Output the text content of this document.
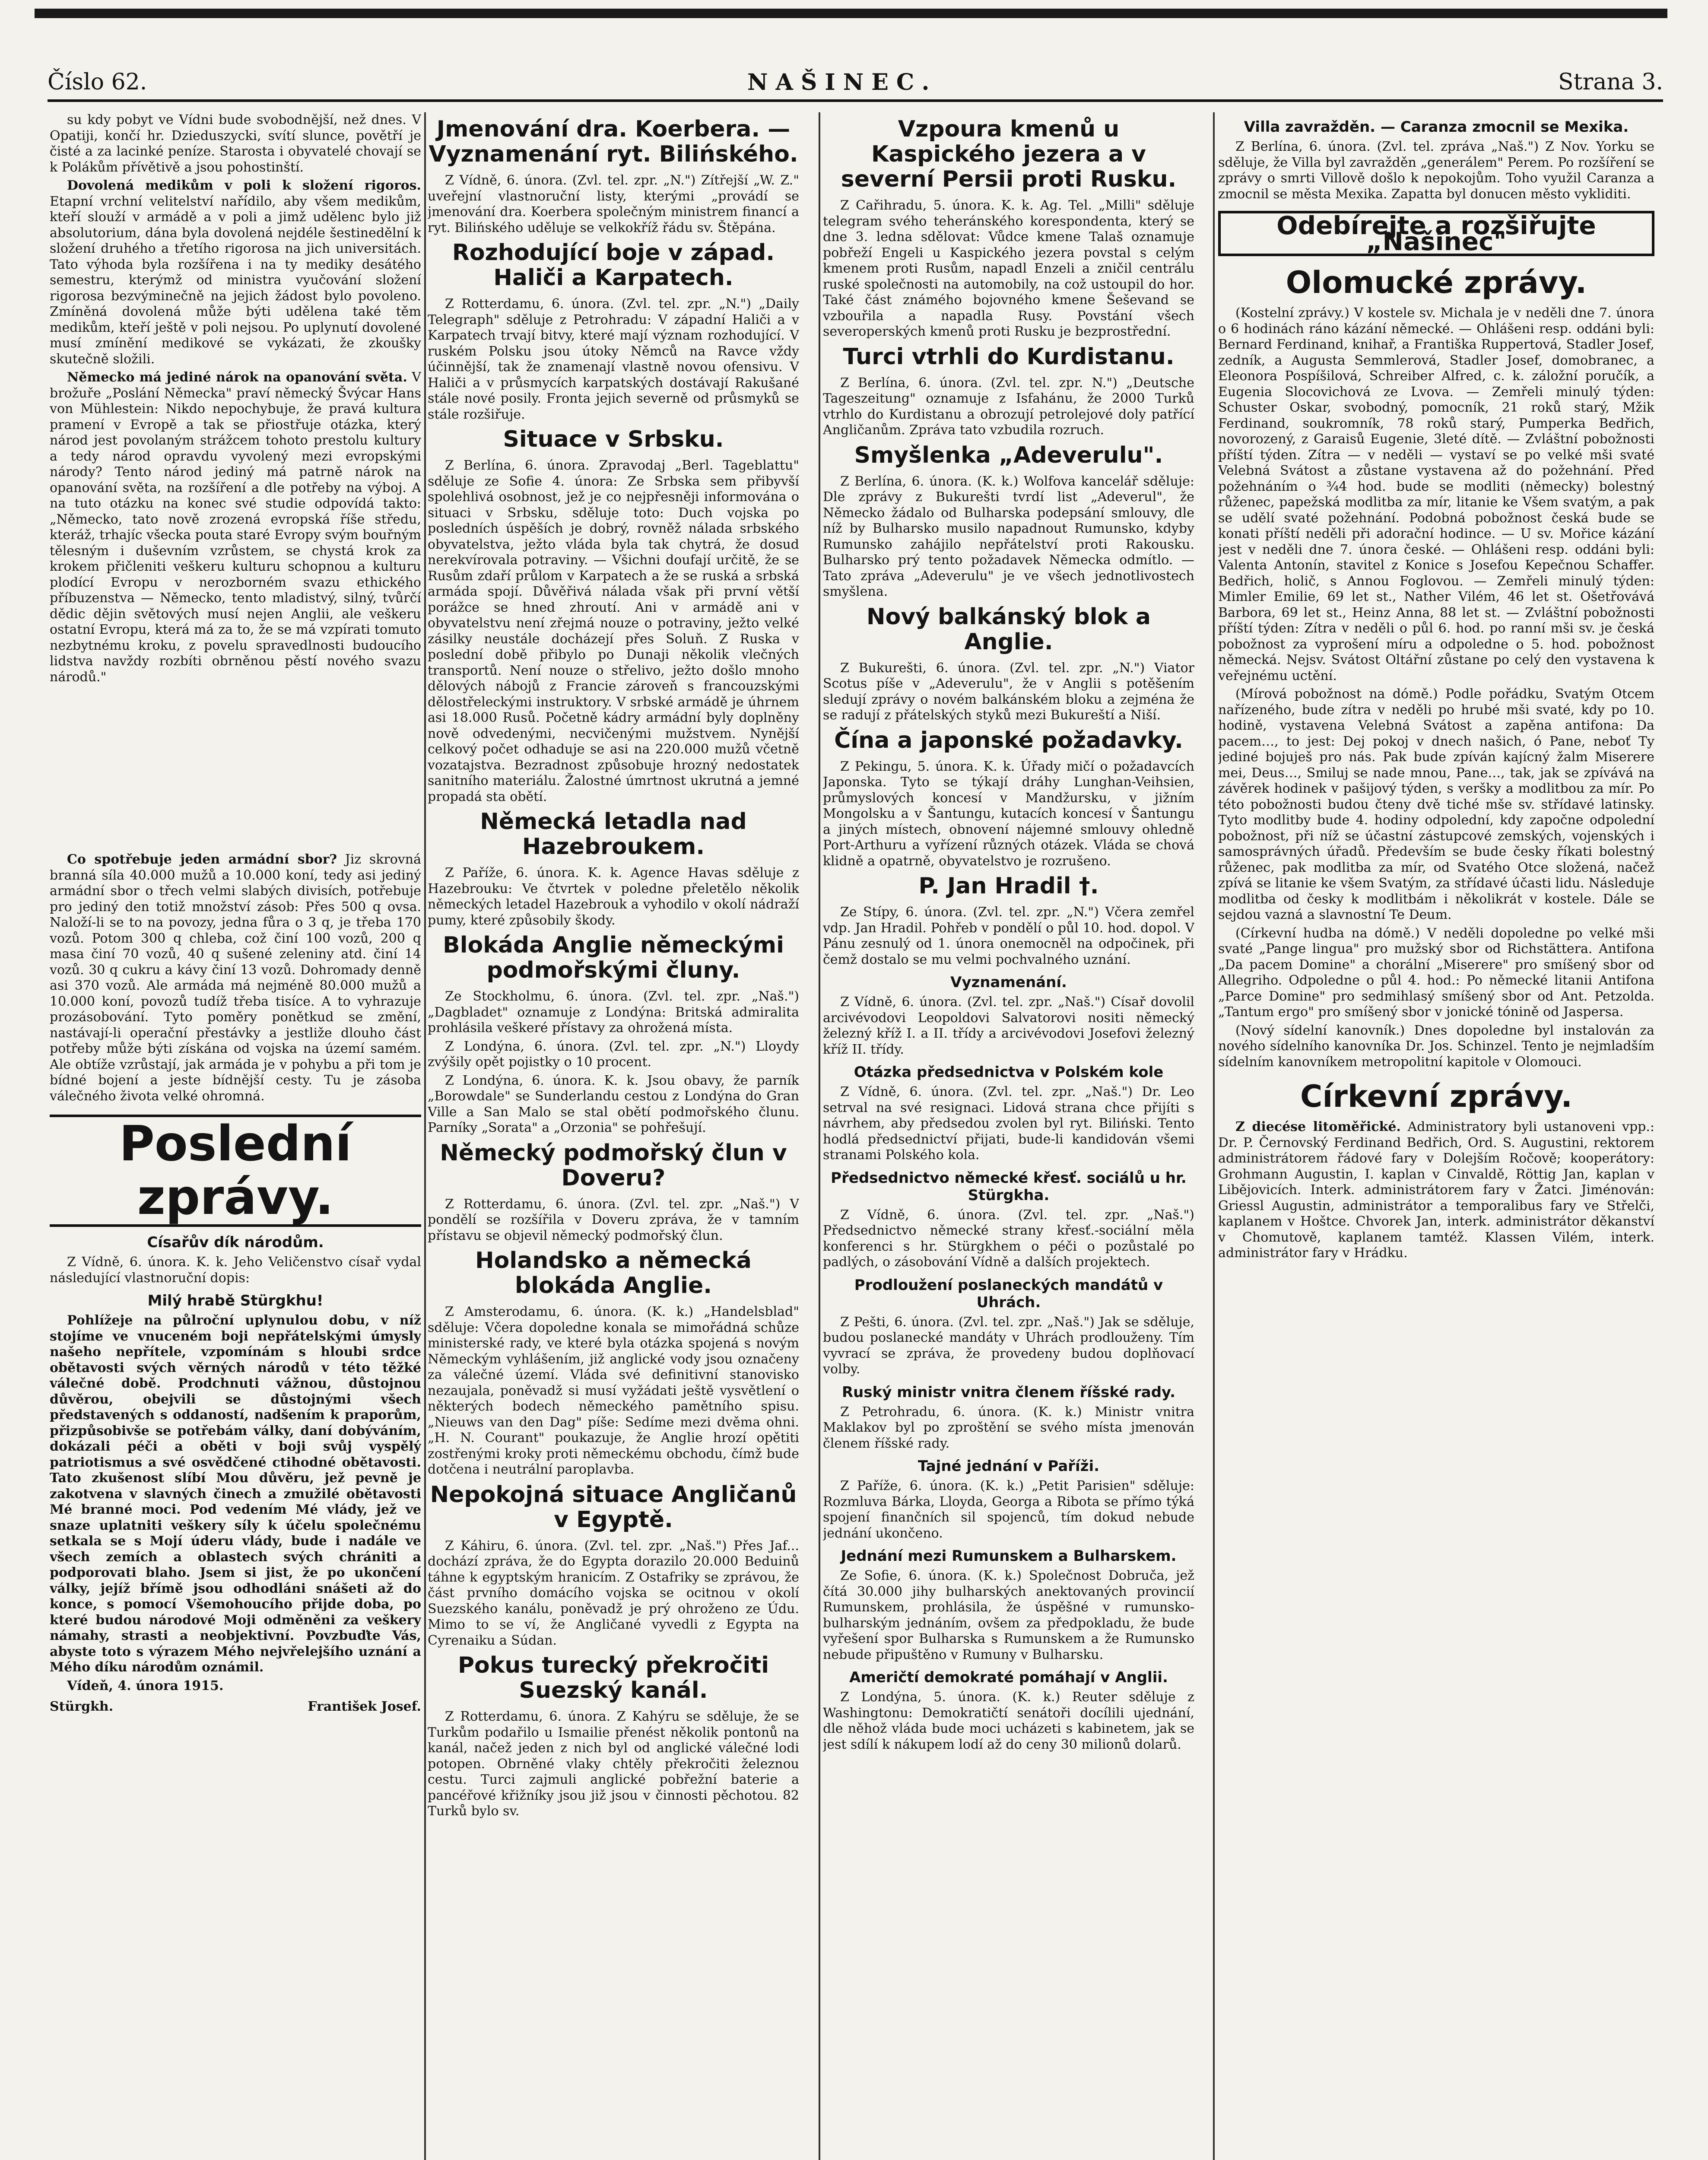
Číslo 62.	NAŠINEC.	Strana 3.

su kdy pobyt ve Vídni bude svobodnější, než dnes. V Opatiji, končí hr. Dzieduszycki, svítí slunce, povětří je čisté a za lacinké peníze. Starosta i obyvatelé chovají se k Polákům přívětivě a jsou pohostinští.

Dovolená medikům v poli k složení rigoros. Etapní vrchní velitelství nařídilo, aby všem medikům, kteří slouží v armádě a v poli a jimž udělenc bylo již absolutorium, dána byla dovolená nejdéle šestinedělní k složení druhého a třetího rigorosa na jich universitách. Tato výhoda byla rozšířena i na ty mediky desátého semestru, kterýmž od ministra vyučování složení rigorosa bezvýminečně na jejich žádost bylo povoleno. Zmíněná dovolená může býti udělena také těm medikům, kteří ještě v poli nejsou. Po uplynutí dovolené musí zmínění medikové se vykázati, že zkoušky skutečně složili.

Německo má jediné nárok na opanování světa. V brožuře „Poslání Německa" praví německý Švýcar Hans von Mühlestein: Nikdo nepochybuje, že pravá kultura pramení v Evropě a tak se přiostřuje otázka, který národ jest povolaným strážcem tohoto prestolu kultury a tedy národ opravdu vyvolený mezi evropskými národy? Tento národ jediný má patrně nárok na opanování světa, na rozšíření a dle potřeby na výboj. A na tuto otázku na konec své studie odpovídá takto: „Německo, tato nově zrozená evropská říše středu, kteráž, trhajíc všecka pouta staré Evropy svým bouřným tělesným i duševním vzrůstem, se chystá krok za krokem přičleniti veškeru kulturu schopnou a kulturu plodící Evropu v nerozborném svazu ethického příbuzenstva — Německo, tento mladistvý, silný, tvůrčí dědic dějin světových musí nejen Anglii, ale veškeru ostatní Evropu, která má za to, že se má vzpírati tomuto nezbytnému kroku, z povelu spravedlnosti budoucího lidstva navždy rozbíti obrněnou pěstí nového svazu národů."

Co spotřebuje jeden armádní sbor? Jiz skrovná branná síla 40.000 mužů a 10.000 koní, tedy asi jediný armádní sbor o třech velmi slabých divisích, potřebuje pro jediný den totiž množství zásob: Přes 500 q ovsa. Naloží-li se to na povozy, jedna fůra o 3 q, je třeba 170 vozů. Potom 300 q chleba, což činí 100 vozů, 200 q masa činí 70 vozů, 40 q sušené zeleniny atd. činí 14 vozů. 30 q cukru a kávy činí 13 vozů. Dohromady denně asi 370 vozů. Ale armáda má nejméně 80.000 mužů a 10.000 koní, povozů tudíž třeba tisíce. A to vyhrazuje prozásobování. Tyto poměry ponětkud se změní, nastávají-li operační přestávky a jestliže dlouho část potřeby může býti získána od vojska na území samém. Ale obtíže vzrůstají, jak armáda je v pohybu a při tom je bídné bojení a jeste bídnější cesty. Tu je zásoba válečného života velké ohromná.

Poslední zprávy.
Císařův dík národům.

Z Vídně, 6. února. K. k. Jeho Veličenstvo císař vydal následující vlastnoruční dopis:

Milý hrabě Stürgkhu!

Pohlížeje na půlroční uplynulou dobu, v níž stojíme ve vnuceném boji nepřátelskými úmysly našeho nepřítele, vzpomínám s hloubi srdce obětavosti svých věrných národů v této těžké válečné době. Prodchnuti vážnou, důstojnou důvěrou, obejvili se důstojnými všech představených s oddaností, nadšením k praporům, přizpůsobivše se potřebám války, daní dobýváním, dokázali péči a oběti v boji svůj vyspělý patriotismus a své osvědčené ctihodné obětavosti. Tato zkušenost slíbí Mou důvěru, jež pevně je zakotvena v slavných činech a zmužilé obětavosti Mé branné moci. Pod vedením Mé vlády, jež ve snaze uplatniti veškery síly k účelu společnému setkala se s Mojí úderu vlády, bude i nadále ve všech zemích a oblastech svých chrániti a podporovati blaho. Jsem si jist, že po ukončení války, jejíž břímě jsou odhodláni snášeti až do konce, s pomocí Všemohoucího přijde doba, po které budou národové Moji odměněni za veškery námahy, strasti a neobjektivní. Povzbuďte Vás, abyste toto s výrazem Mého nejvřelejšího uznání a Mého díku národům oznámil.

Vídeň, 4. února 1915.

Stürgkh.	František Josef.
Jmenování dra. Koerbera. — Vyznamenání ryt. Bilińského.

Z Vídně, 6. února. (Zvl. tel. zpr. „N.") Zítřejší „W. Z." uveřejní vlastnoruční listy, kterými „provádí se jmenování dra. Koerbera společným ministrem financí a ryt. Bilińského uděluje se velkokříž řádu sv. Štěpána.

Rozhodující boje v západ. Haliči a Karpatech.

Z Rotterdamu, 6. února. (Zvl. tel. zpr. „N.") „Daily Telegraph" sděluje z Petrohradu: V západní Haliči a v Karpatech trvají bitvy, které mají význam rozhodující. V ruském Polsku jsou útoky Němců na Ravce vždy účinnější, tak že znamenají vlastně novou ofensivu. V Haliči a v průsmycích karpatských dostávají Rakušané stále nové posily. Fronta jejich severně od průsmyků se stále rozšiřuje.

Situace v Srbsku.

Z Berlína, 6. února. Zpravodaj „Berl. Tageblattu" sděluje ze Sofie 4. února: Ze Srbska sem přibyvší spolehlivá osobnost, jež je co nejpřesněji informována o situaci v Srbsku, sděluje toto: Duch vojska po posledních úspěších je dobrý, rovněž nálada srbského obyvatelstva, ježto vláda byla tak chytrá, že dosud nerekvírovala potraviny. — Všichni doufají určitě, že se Rusům zdaří průlom v Karpatech a že se ruská a srbská armáda spojí. Důvěřivá nálada však při první větší porážce se hned zhroutí. Ani v armádě ani v obyvatelstvu není zřejmá nouze o potraviny, ježto velké zásilky neustále docházejí přes Soluň. Z Ruska v poslední době přibylo po Dunaji několik vlečných transportů. Není nouze o střelivo, ježto došlo mnoho dělových nábojů z Francie zároveň s francouzskými dělostřeleckými instruktory. V srbské armádě je úhrnem asi 18.000 Rusů. Početně kádry armádní byly doplněny nově odvedenými, necvičenými mužstvem. Nynější celkový počet odhaduje se asi na 220.000 mužů včetně vozatajstva. Bezradnost způsobuje hrozný nedostatek sanitního materiálu. Žalostné úmrtnost ukrutná a jemné propadá sta obětí.

Německá letadla nad Hazebroukem.

Z Paříže, 6. února. K. k. Agence Havas sděluje z Hazebrouku: Ve čtvrtek v poledne přeletělo několik německých letadel Hazebrouk a vyhodilo v okolí nádraží pumy, které způsobily škody.

Blokáda Anglie německými podmořskými čluny.

Ze Stockholmu, 6. února. (Zvl. tel. zpr. „Naš.") „Dagbladet" oznamuje z Londýna: Britská admiralita prohlásila veškeré přístavy za ohrožená místa.

Z Londýna, 6. února. (Zvl. tel. zpr. „N.") Lloydy zvýšily opět pojistky o 10 procent.

Z Londýna, 6. února. K. k. Jsou obavy, že parník „Borowdale" se Sunderlandu cestou z Londýna do Gran Ville a San Malo se stal obětí podmořského člunu. Parníky „Sorata" a „Orzonia" se pohřešují.

Německý podmořský člun v Doveru?

Z Rotterdamu, 6. února. (Zvl. tel. zpr. „Naš.") V pondělí se rozšířila v Doveru zpráva, že v tamním přístavu se objevil německý podmořský člun.

Holandsko a německá blokáda Anglie.

Z Amsterodamu, 6. února. (K. k.) „Handelsblad" sděluje: Včera dopoledne konala se mimořádná schůze ministerské rady, ve které byla otázka spojená s novým Německým vyhlášením, již anglické vody jsou označeny za válečné území. Vláda své definitivní stanovisko nezaujala, poněvadž si musí vyžádati ještě vysvětlení o některých bodech německého pamětního spisu. „Nieuws van den Dag" píše: Sedíme mezi dvěma ohni. „H. N. Courant" poukazuje, že Anglie hrozí opětiti zostřenými kroky proti německému obchodu, čímž bude dotčena i neutrální paroplavba.

Nepokojná situace Angličanů v Egyptě.

Z Káhiru, 6. února. (Zvl. tel. zpr. „Naš.") Přes Jaf... dochází zpráva, že do Egypta dorazilo 20.000 Beduinů táhne k egyptským hranicím. Z Ostafriky se zprávou, že část prvního domácího vojska se ocitnou v okolí Suezského kanálu, poněvadž je prý ohroženo ze Údu. Mimo to se ví, že Angličané vyvedli z Egypta na Cyrenaiku a Súdan.

Pokus turecký překročiti Suezský kanál.

Z Rotterdamu, 6. února. Z Kahýru se sděluje, že se Turkům podařilo u Ismailie přenést několik pontonů na kanál, načež jeden z nich byl od anglické válečné lodi potopen. Obrněné vlaky chtěly překročiti železnou cestu. Turci zajmuli anglické pobřežní baterie a pancéřové křižníky jsou již jsou v činnosti pěchotou. 82 Turků bylo sv.

Vzpoura kmenů u Kaspického jezera a v severní Persii proti Rusku.

Z Cařihradu, 5. února. K. k. Ag. Tel. „Milli" sděluje telegram svého teheránského korespondenta, který se dne 3. ledna sdělovat: Vůdce kmene Talaš oznamuje pobřeží Engeli u Kaspického jezera povstal s celým kmenem proti Rusům, napadl Enzeli a zničil centrálu ruské společnosti na automobily, na což ustoupil do hor. Také část známého bojovného kmene Šeševand se vzbouřila a napadla Rusy. Povstání všech severoperských kmenů proti Rusku je bezprostřední.

Turci vtrhli do Kurdistanu.

Z Berlína, 6. února. (Zvl. tel. zpr. N.") „Deutsche Tageszeitung" oznamuje z Isfahánu, že 2000 Turků vtrhlo do Kurdistanu a obrozují petrolejové doly patřící Angličanům. Zpráva tato vzbudila rozruch.

Smyšlenka „Adeverulu".

Z Berlína, 6. února. (K. k.) Wolfova kancelář sděluje: Dle zprávy z Bukurešti tvrdí list „Adeverul", že Německo žádalo od Bulharska podepsání smlouvy, dle níž by Bulharsko musilo napadnout Rumunsko, kdyby Rumunsko zahájilo nepřátelství proti Rakousku. Bulharsko prý tento požadavek Německa odmítlo. — Tato zpráva „Adeverulu" je ve všech jednotlivostech smyšlena.

Nový balkánský blok a Anglie.

Z Bukurešti, 6. února. (Zvl. tel. zpr. „N.") Viator Scotus píše v „Adeverulu", že v Anglii s potěšením sledují zprávy o novém balkánském bloku a zejména že se radují z přátelských styků mezi Bukureští a Niší.

Čína a japonské požadavky.

Z Pekingu, 5. února. K. k. Úřady mičí o požadavcích Japonska. Tyto se týkají dráhy Lunghan-Veihsien, průmyslových koncesí v Mandžursku, v jižním Mongolsku a v Šantungu, kutacích koncesí v Šantungu a jiných místech, obnovení nájemné smlouvy ohledně Port-Arthuru a vyřízení různých otázek. Vláda se chová klidně a opatrně, obyvatelstvo je rozrušeno.

P. Jan Hradil †.

Ze Stípy, 6. února. (Zvl. tel. zpr. „N.") Včera zemřel vdp. Jan Hradil. Pohřeb v pondělí o půl 10. hod. dopol. V Pánu zesnulý od 1. února onemocněl na odpočinek, při čemž dostalo se mu velmi pochvalného uznání.

Vyznamenání.

Z Vídně, 6. února. (Zvl. tel. zpr. „Naš.") Císař dovolil arcivévodovi Leopoldovi Salvatorovi nositi německý železný kříž I. a II. třídy a arcivévodovi Josefovi železný kříž II. třídy.

Otázka předsednictva v Polském kole

Z Vídně, 6. února. (Zvl. tel. zpr. „Naš.") Dr. Leo setrval na své resignaci. Lidová strana chce přijíti s návrhem, aby předsedou zvolen byl ryt. Biliński. Tento hodlá předsednictví přijati, bude-li kandidován všemi stranami Polského kola.

Předsednictvo německé křesť. sociálů u hr. Stürgkha.

Z Vídně, 6. února. (Zvl. tel. zpr. „Naš.") Předsednictvo německé strany křesť.-sociální měla konferenci s hr. Stürgkhem o péči o pozůstalé po padlých, o zásobování Vídně a dalších projektech.

Prodloužení poslaneckých mandátů v Uhrách.

Z Pešti, 6. února. (Zvl. tel. zpr. „Naš.") Jak se sděluje, budou poslanecké mandáty v Uhrách prodlouženy. Tím vyvrací se zpráva, že provedeny budou doplňovací volby.

Ruský ministr vnitra členem říšské rady.

Z Petrohradu, 6. února. (K. k.) Ministr vnitra Maklakov byl po zproštění se svého místa jmenován členem říšské rady.

Tajné jednání v Paříži.

Z Paříže, 6. února. (K. k.) „Petit Parisien" sděluje: Rozmluva Bárka, Lloyda, Georga a Ribota se přímo týká spojení finančních sil spojenců, tím dokud nebude jednání ukončeno.

Jednání mezi Rumunskem a Bulharskem.

Ze Sofie, 6. února. (K. k.) Společnost Dobruča, jež čítá 30.000 jihy bulharských anektovaných provincií Rumunskem, prohlásila, že úspěšné v rumunsko-bulharským jednáním, ovšem za předpokladu, že bude vyřešení spor Bulharska s Rumunskem a že Rumunsko nebude připuštěno v Rumuny v Bulharsku.

Američtí demokraté pomáhají v Anglii.

Z Londýna, 5. února. (K. k.) Reuter sděluje z Washingtonu: Demokratičtí senátoři docílili ujednání, dle něhož vláda bude moci ucházeti s kabinetem, jak se jest sdílí k nákupem lodí až do ceny 30 milionů dolarů.

Villa zavražděn. — Caranza zmocnil se Mexika.

Z Berlína, 6. února. (Zvl. tel. zpráva „Naš.") Z Nov. Yorku se sděluje, že Villa byl zavražděn „generálem" Perem. Po rozšíření se zprávy o smrti Villově došlo k nepokojům. Toho využil Caranza a zmocnil se města Mexika. Zapatta byl donucen město vykliditi.

Odebírejte a rozšiřujte „Našinec"
Olomucké zprávy.

(Kostelní zprávy.) V kostele sv. Michala je v neděli dne 7. února o 6 hodinách ráno kázání německé. — Ohlášeni resp. oddáni byli: Bernard Ferdinand, knihař, a Františka Ruppertová, Stadler Josef, zedník, a Augusta Semmlerová, Stadler Josef, domobranec, a Eleonora Pospíšilová, Schreiber Alfred, c. k. záložní poručík, a Eugenia Slocovichová ze Lvova. — Zemřeli minulý týden: Schuster Oskar, svobodný, pomocník, 21 roků starý, Mžik Ferdinand, soukromník, 78 roků starý, Pumperka Bedřich, novorozený, z Garaisů Eugenie, 3leté dítě. — Zvláštní pobožnosti příští týden. Zítra — v neděli — vystaví se po velké mši svaté Velebná Svátost a zůstane vystavena až do požehnání. Před požehnáním o ¾4 hod. bude se modliti (německy) bolestný růženec, papežská modlitba za mír, litanie ke Všem svatým, a pak se udělí svaté požehnání. Podobná pobožnost česká bude se konati příští neděli při adorační hodince. — U sv. Mořice kázání jest v neděli dne 7. února české. — Ohlášeni resp. oddáni byli: Valenta Antonín, stavitel z Konice s Josefou Kepečnou Schaffer. Bedřich, holič, s Annou Foglovou. — Zemřeli minulý týden: Mimler Emilie, 69 let st., Nather Vilém, 46 let st. Ošetřovává Barbora, 69 let st., Heinz Anna, 88 let st. — Zvláštní pobožnosti příští týden: Zítra v neděli o půl 6. hod. po ranní mši sv. je česká pobožnost za vyprošení míru a odpoledne o 5. hod. pobožnost německá. Nejsv. Svátost Oltářní zůstane po celý den vystavena k veřejnému uctění.

(Mírová pobožnost na dómě.) Podle pořádku, Svatým Otcem nařízeného, bude zítra v neděli po hrubé mši svaté, kdy po 10. hodině, vystavena Velebná Svátost a zapěna antifona: Da pacem…, to jest: Dej pokoj v dnech našich, ó Pane, neboť Ty jediné bojuješ pro nás. Pak bude zpíván kajícný žalm Miserere mei, Deus…, Smiluj se nade mnou, Pane…, tak, jak se zpívává na závěrek hodinek v pašijový týden, s veršky a modlitbou za mír. Po této pobožnosti budou čteny dvě tiché mše sv. střídavé latinsky. Tyto modlitby bude 4. hodiny odpolední, kdy započne odpolední pobožnost, při níž se účastní zástupcové zemských, vojenských i samosprávných úřadů. Především se bude česky říkati bolestný růženec, pak modlitba za mír, od Svatého Otce složená, načež zpívá se litanie ke všem Svatým, za střídavé účasti lidu. Následuje modlitba od česky k modlitbám i několikrát v kostele. Dále se sejdou vazná a slavnostní Te Deum.

(Církevní hudba na dómě.) V neděli dopoledne po velké mši svaté „Pange lingua" pro mužský sbor od Richstättera. Antifona „Da pacem Domine" a chorální „Miserere" pro smíšený sbor od Allegriho. Odpoledne o půl 4. hod.: Po německé litanii Antifona „Parce Domine" pro sedmihlasý smíšený sbor od Ant. Petzolda. „Tantum ergo" pro smíšený sbor v jonické tónině od Jaspersa.

(Nový sídelní kanovník.) Dnes dopoledne byl instalován za nového sídelního kanovníka Dr. Jos. Schinzel. Tento je nejmladším sídelním kanovníkem metropolitní kapitole v Olomouci.

Církevní zprávy.

Z diecése litoměřické. Administratory byli ustanoveni vpp.: Dr. P. Černovský Ferdinand Bedřich, Ord. S. Augustini, rektorem administrátorem řádové fary v Dolejším Ročově; kooperátory: Grohmann Augustin, I. kaplan v Cinvaldě, Röttig Jan, kaplan v Libějovicích. Interk. administrátorem fary v Žatci. Jiménován: Griessl Augustin, administrátor a temporalibus fary ve Střelči, kaplanem v Hoštce. Chvorek Jan, interk. administrátor děkanství v Chomutově, kaplanem tamtéž. Klassen Vilém, interk. administrátor fary v Hrádku.
